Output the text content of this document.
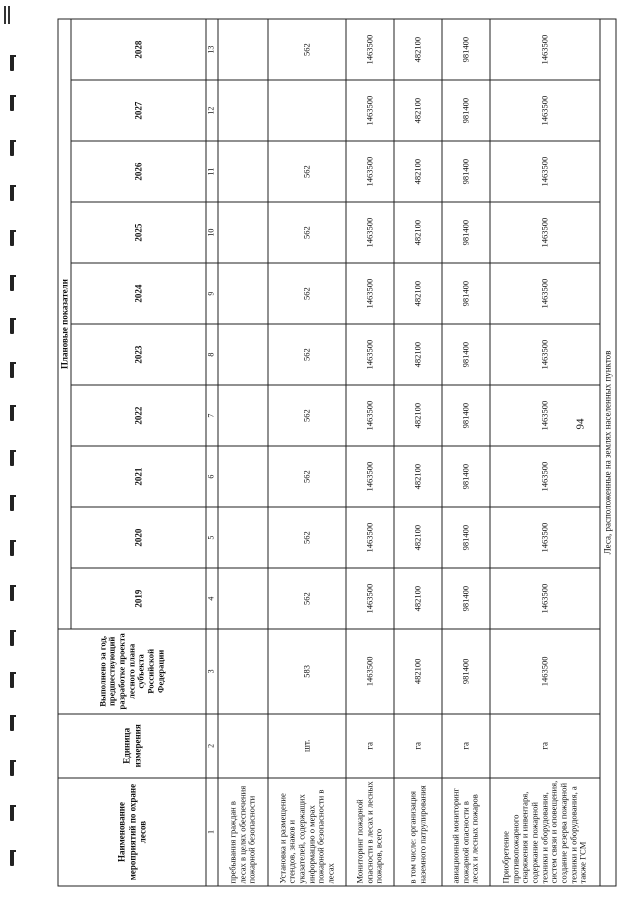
Наименование мероприятий по охране лесов	Единица измерения	Выполнено за год, предшествующий разработке проекта лесного плана субъекта Российской Федерации	Плановые показатели									
			2019	2020	2021	2022	2023	2024	2025	2026	2027	2028
1	2	3	4	5	6	7	8	9	10	11	12	13
пребывания граждан в лесах в целях обеспечения пожарной безопасности												
Установка и размещение стендов, знаков и указателей, содержащих информацию о мерах пожарной безопасности в лесах	шт.	583	562	562	562	562	562	562	562	562		562
Мониторинг пожарной опасности в лесах и лесных пожаров, всего	га	1463500	1463500	1463500	1463500	1463500	1463500	1463500	1463500	1463500	1463500	1463500
в том числе: организация наземного патрулирования	га	482100	482100	482100	482100	482100	482100	482100	482100	482100	482100	482100
авиационный мониторинг пожарной опасности в лесах и лесных пожаров	га	981400	981400	981400	981400	981400	981400	981400	981400	981400	981400	981400
Приобретение противопожарного снаряжения и инвентаря, содержание пожарной техники и оборудования, систем связи и оповещения, создание резерва пожарной техники и оборудования, а также ГСМ	га	1463500	1463500	1463500	1463500	1463500	1463500	1463500	1463500	1463500	1463500	1463500
Леса, расположенные на землях населенных пунктов												
94
